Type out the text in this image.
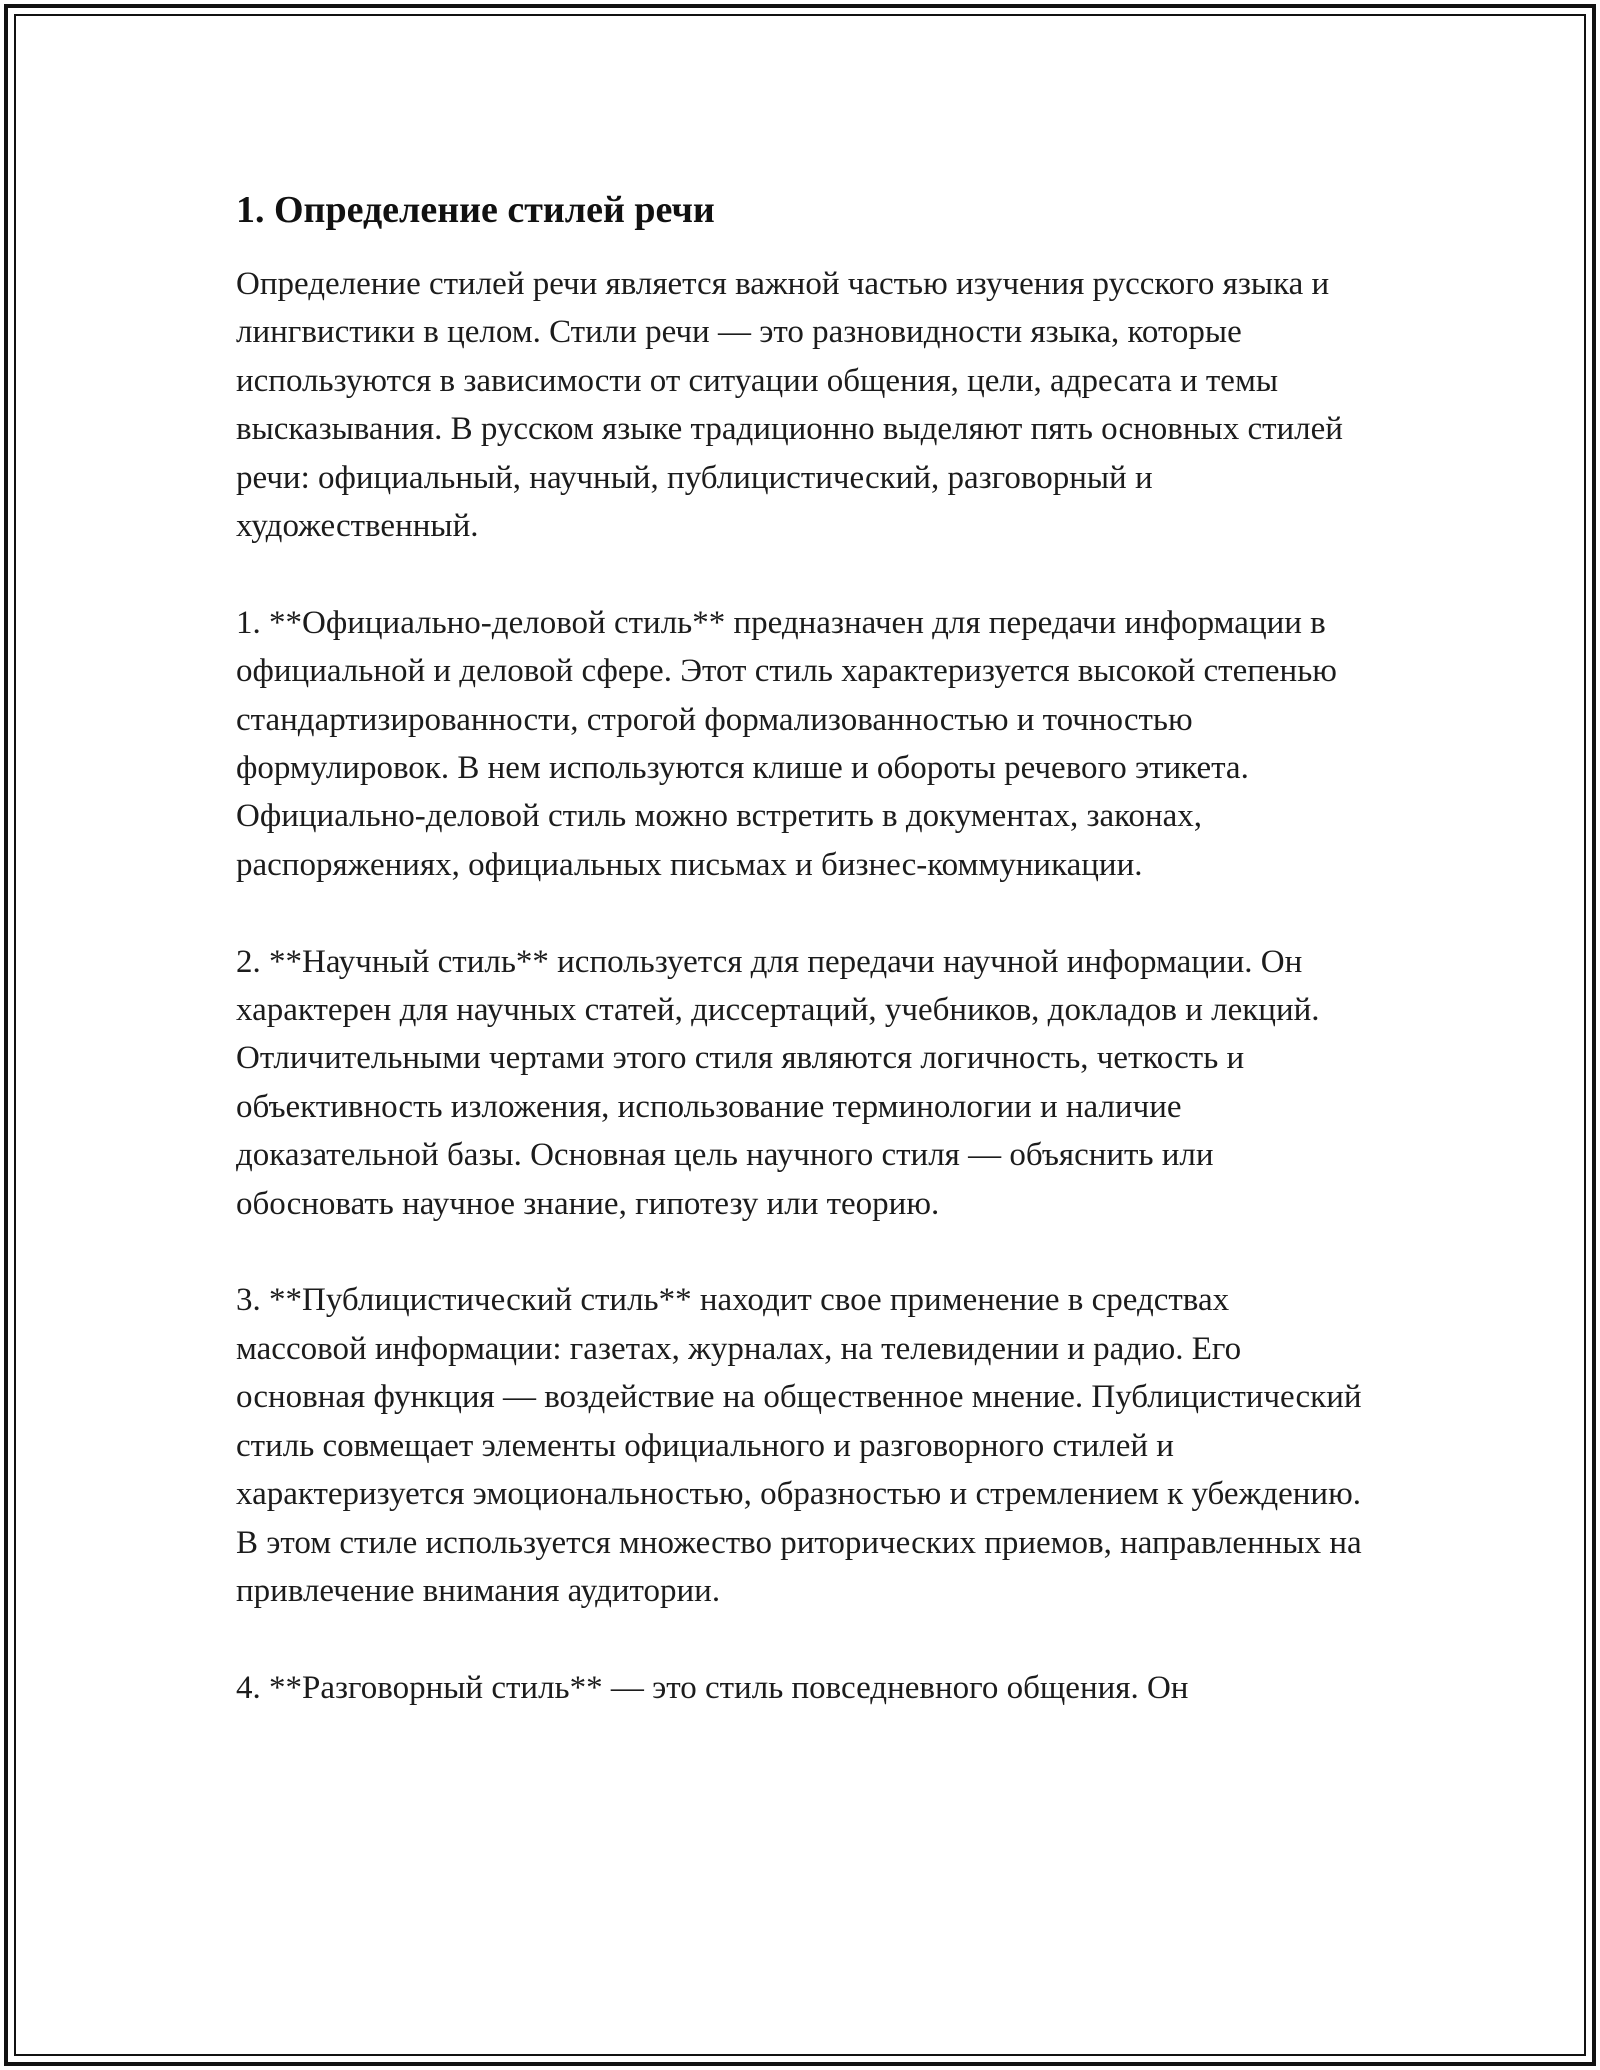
1. Определение стилей речи

Определение стилей речи является важной частью изучения русского языка и лингвистики в целом. Стили речи — это разновидности языка, которые используются в зависимости от ситуации общения, цели, адресата и темы высказывания. В русском языке традиционно выделяют пять основных стилей речи: официальный, научный, публицистический, разговорный и художественный.

1. **Официально-деловой стиль** предназначен для передачи информации в официальной и деловой сфере. Этот стиль характеризуется высокой степенью стандартизированности, строгой формализованностью и точностью формулировок. В нем используются клише и обороты речевого этикета. Официально-деловой стиль можно встретить в документах, законах, распоряжениях, официальных письмах и бизнес-коммуникации.

2. **Научный стиль** используется для передачи научной информации. Он характерен для научных статей, диссертаций, учебников, докладов и лекций. Отличительными чертами этого стиля являются логичность, четкость и объективность изложения, использование терминологии и наличие доказательной базы. Основная цель научного стиля — объяснить или обосновать научное знание, гипотезу или теорию.

3. **Публицистический стиль** находит свое применение в средствах массовой информации: газетах, журналах, на телевидении и радио. Его основная функция — воздействие на общественное мнение. Публицистический стиль совмещает элементы официального и разговорного стилей и характеризуется эмоциональностью, образностью и стремлением к убеждению. В этом стиле используется множество риторических приемов, направленных на привлечение внимания аудитории.

4. **Разговорный стиль** — это стиль повседневного общения. Он
